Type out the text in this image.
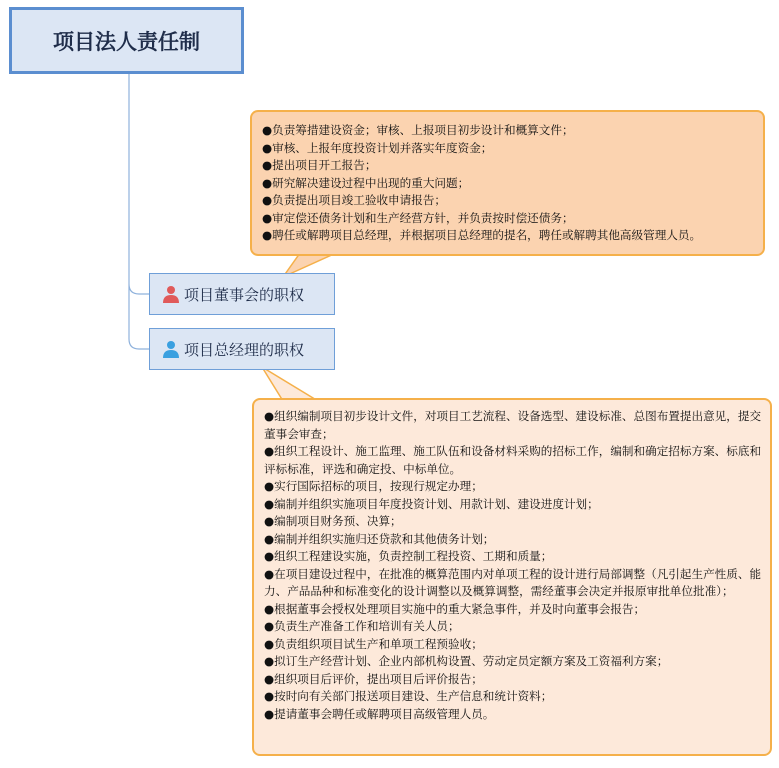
项目法人责任制

●负责筹措建设资金；审核、上报项目初步设计和概算文件；

●审核、上报年度投资计划并落实年度资金；

●提出项目开工报告；

●研究解决建设过程中出现的重大问题；

●负责提出项目竣工验收申请报告；

●审定偿还债务计划和生产经营方针，并负责按时偿还债务；

●聘任或解聘项目总经理，并根据项目总经理的提名，聘任或解聘其他高级管理人员。

项目董事会的职权
项目总经理的职权

●组织编制项目初步设计文件，对项目工艺流程、设备选型、建设标准、总图布置提出意见，提交董事会审查；

●组织工程设计、施工监理、施工队伍和设备材料采购的招标工作，编制和确定招标方案、标底和评标标准，评选和确定投、中标单位。

●实行国际招标的项目，按现行规定办理；

●编制并组织实施项目年度投资计划、用款计划、建设进度计划；

●编制项目财务预、决算；

●编制并组织实施归还贷款和其他债务计划；

●组织工程建设实施，负责控制工程投资、工期和质量；

●在项目建设过程中，在批准的概算范围内对单项工程的设计进行局部调整（凡引起生产性质、能力、产品品种和标准变化的设计调整以及概算调整，需经董事会决定并报原审批单位批准）；

●根据董事会授权处理项目实施中的重大紧急事件，并及时向董事会报告；

●负责生产准备工作和培训有关人员；

●负责组织项目试生产和单项工程预验收；

●拟订生产经营计划、企业内部机构设置、劳动定员定额方案及工资福利方案；

●组织项目后评价，提出项目后评价报告；

●按时向有关部门报送项目建设、生产信息和统计资料；

●提请董事会聘任或解聘项目高级管理人员。
